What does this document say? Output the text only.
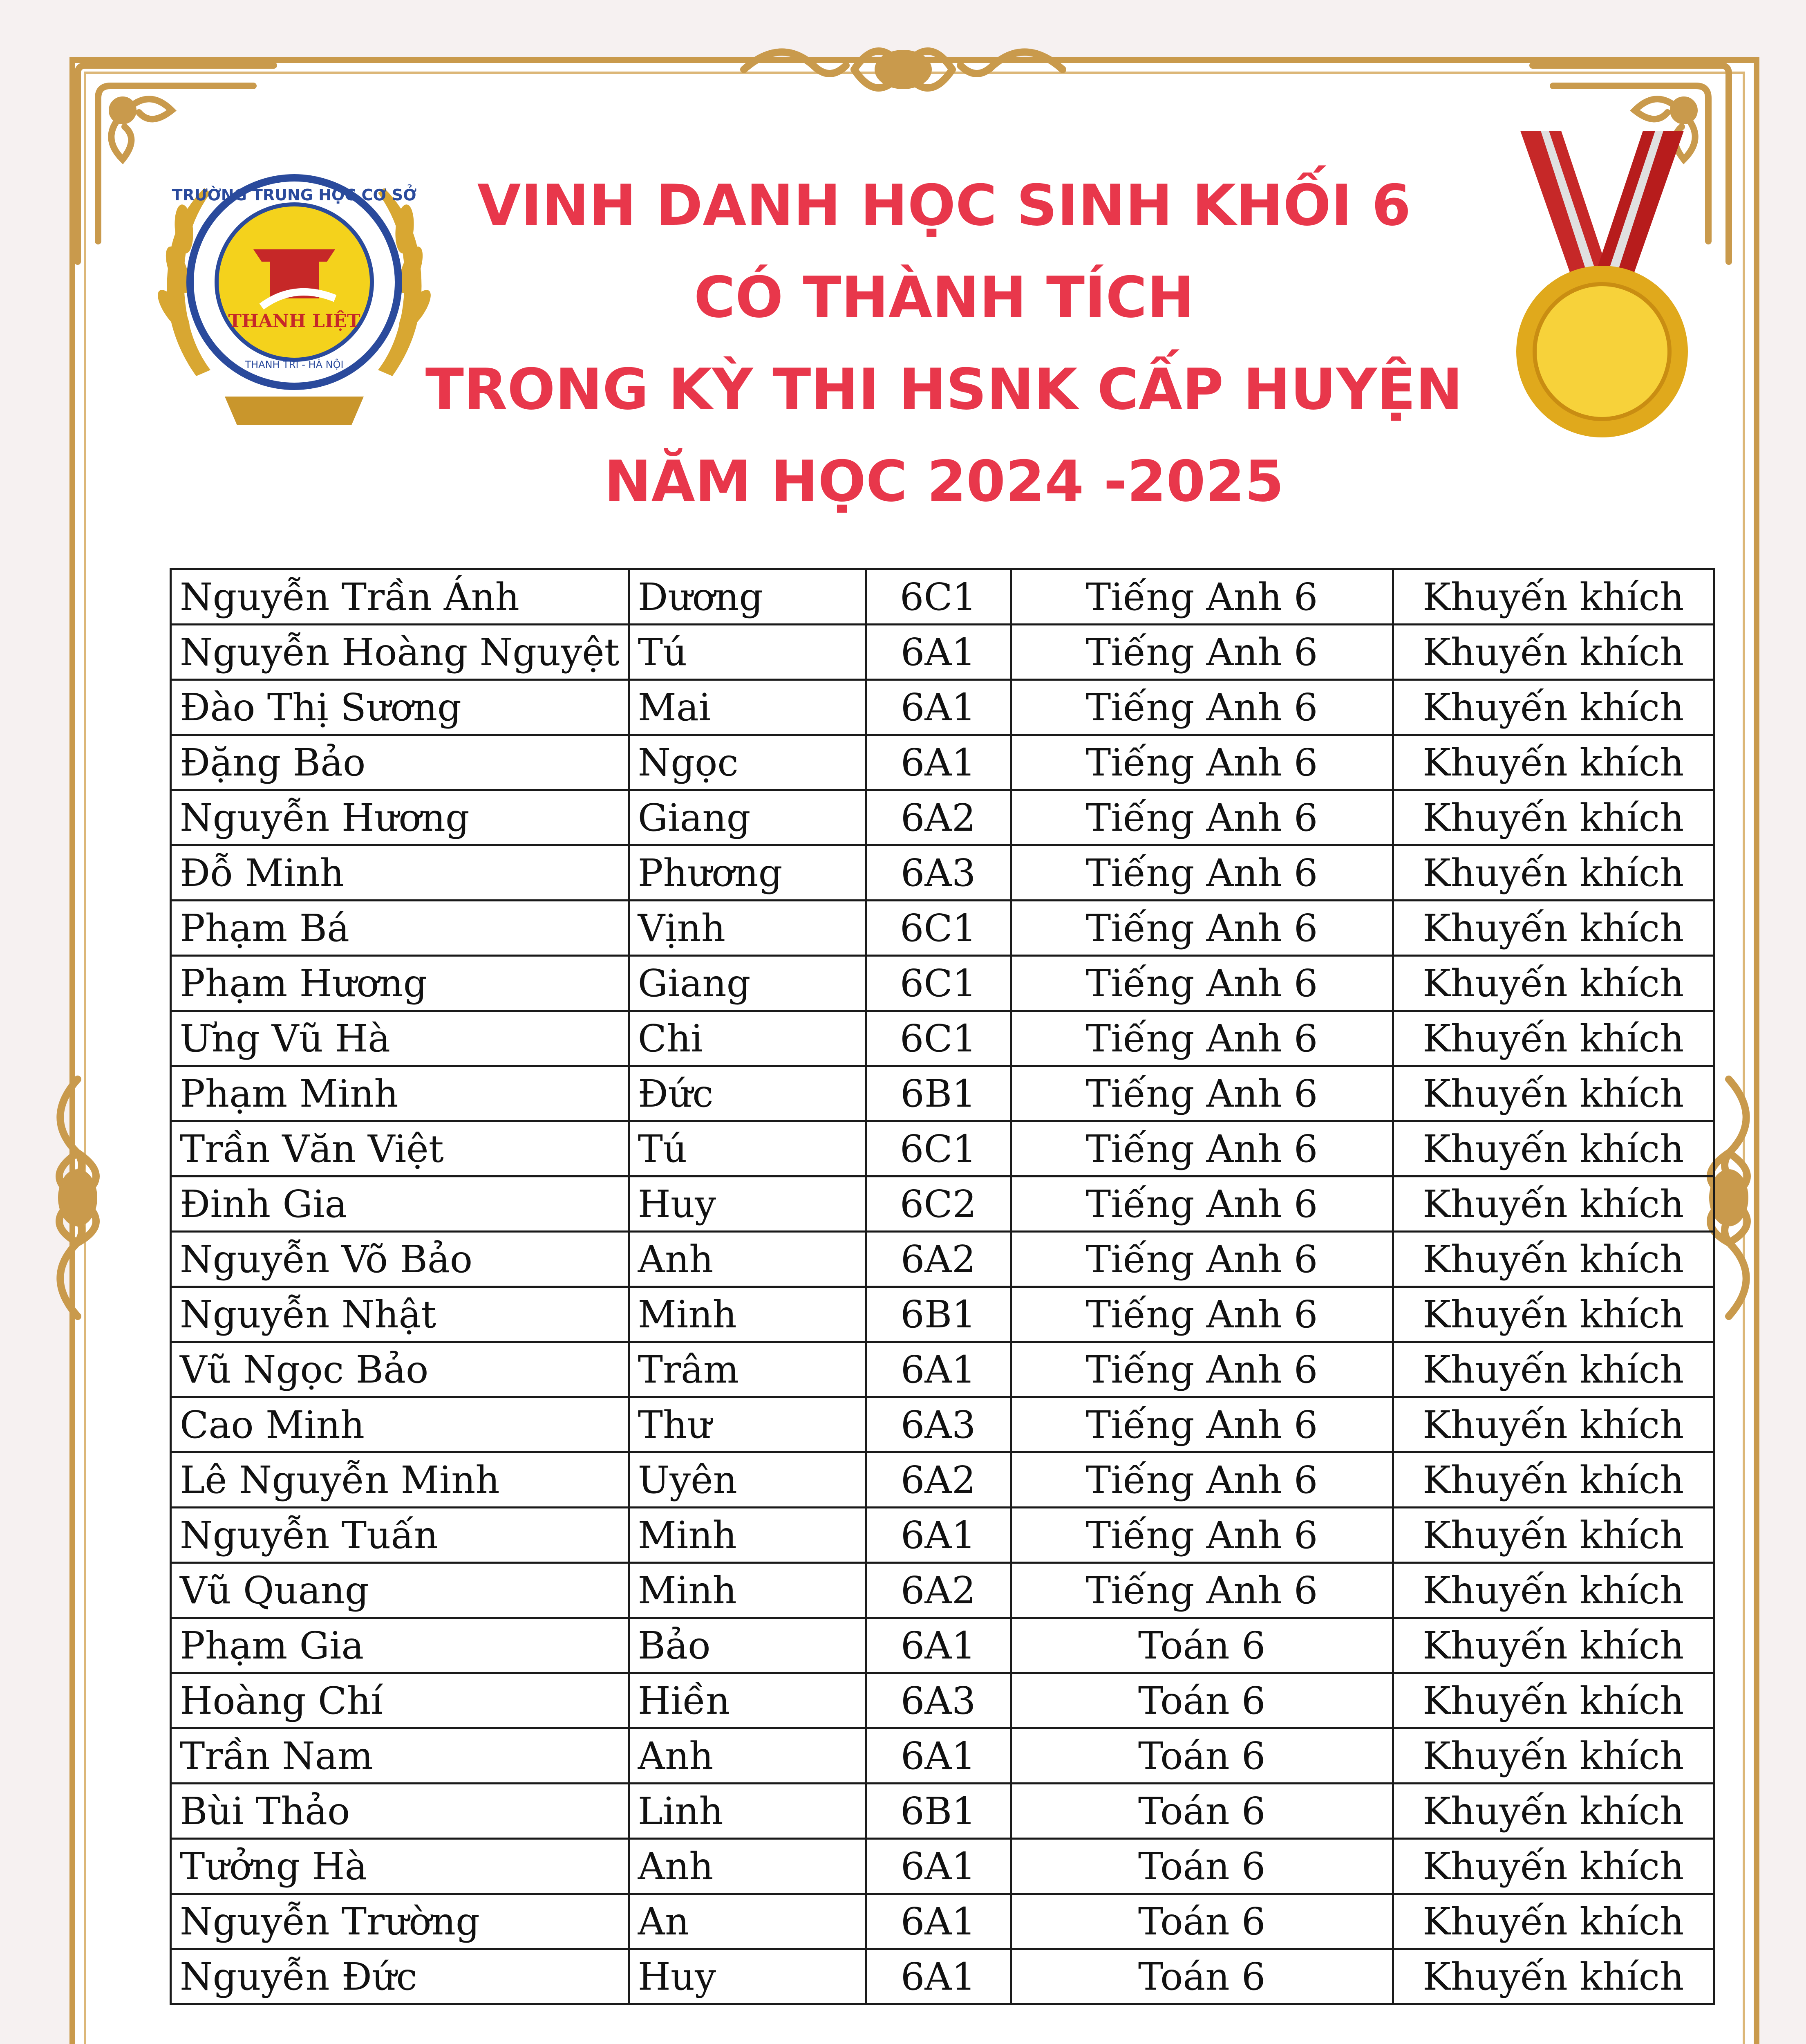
TRƯỜNG TRUNG HỌC CƠ SỞ
THANH LIỆT
THANH TRÌ - HÀ NỘI
VINH DANH HỌC SINH KHỐI 6
CÓ THÀNH TÍCH
TRONG KỲ THI HSNK CẤP HUYỆN
NĂM HỌC 2024 -2025
Nguyễn Trần Ánh	Dương	6C1	Tiếng Anh 6	Khuyến khích
Nguyễn Hoàng Nguyệt	Tú	6A1	Tiếng Anh 6	Khuyến khích
Đào Thị Sương	Mai	6A1	Tiếng Anh 6	Khuyến khích
Đặng Bảo	Ngọc	6A1	Tiếng Anh 6	Khuyến khích
Nguyễn Hương	Giang	6A2	Tiếng Anh 6	Khuyến khích
Đỗ Minh	Phương	6A3	Tiếng Anh 6	Khuyến khích
Phạm Bá	Vịnh	6C1	Tiếng Anh 6	Khuyến khích
Phạm Hương	Giang	6C1	Tiếng Anh 6	Khuyến khích
Ưng Vũ Hà	Chi	6C1	Tiếng Anh 6	Khuyến khích
Phạm Minh	Đức	6B1	Tiếng Anh 6	Khuyến khích
Trần Văn Việt	Tú	6C1	Tiếng Anh 6	Khuyến khích
Đinh Gia	Huy	6C2	Tiếng Anh 6	Khuyến khích
Nguyễn Võ Bảo	Anh	6A2	Tiếng Anh 6	Khuyến khích
Nguyễn Nhật	Minh	6B1	Tiếng Anh 6	Khuyến khích
Vũ Ngọc Bảo	Trâm	6A1	Tiếng Anh 6	Khuyến khích
Cao Minh	Thư	6A3	Tiếng Anh 6	Khuyến khích
Lê Nguyễn Minh	Uyên	6A2	Tiếng Anh 6	Khuyến khích
Nguyễn Tuấn	Minh	6A1	Tiếng Anh 6	Khuyến khích
Vũ Quang	Minh	6A2	Tiếng Anh 6	Khuyến khích
Phạm Gia	Bảo	6A1	Toán 6	Khuyến khích
Hoàng Chí	Hiền	6A3	Toán 6	Khuyến khích
Trần Nam	Anh	6A1	Toán 6	Khuyến khích
Bùi Thảo	Linh	6B1	Toán 6	Khuyến khích
Tưởng Hà	Anh	6A1	Toán 6	Khuyến khích
Nguyễn Trường	An	6A1	Toán 6	Khuyến khích
Nguyễn Đức	Huy	6A1	Toán 6	Khuyến khích
